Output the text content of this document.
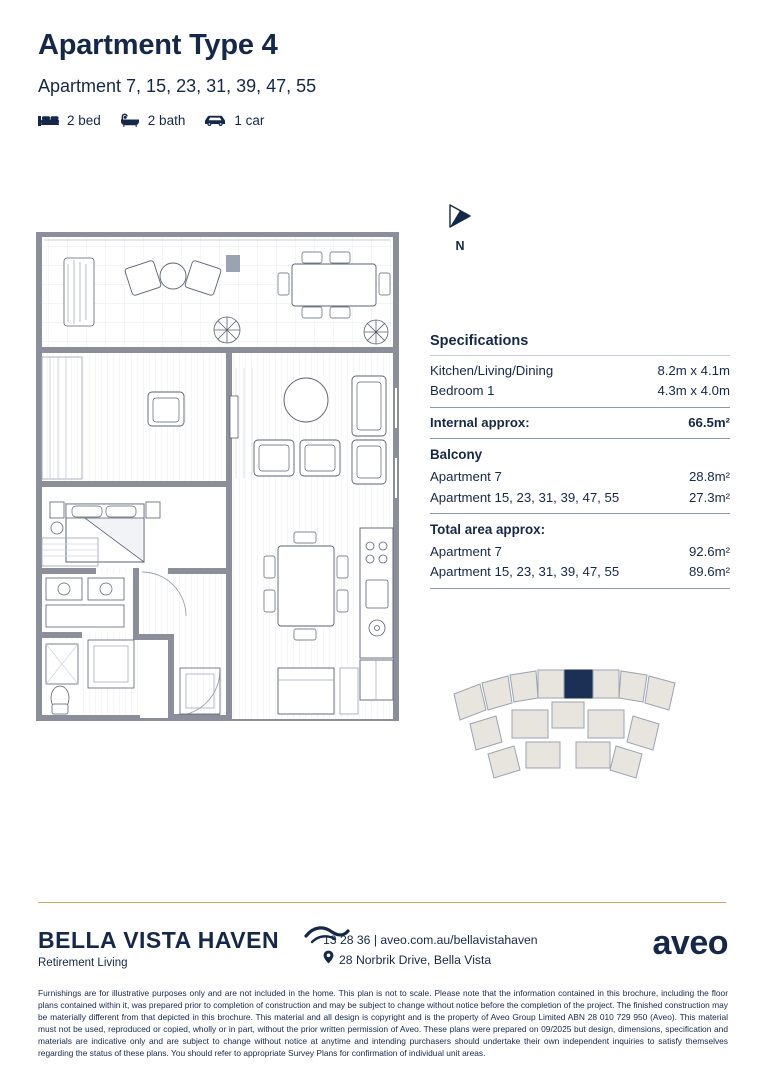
Apartment Type 4
Apartment 7, 15, 23, 31, 39, 47, 55
2 bed	2 bath	1 car
N
Specifications
Kitchen/Living/Dining	8.2m x 4.1m
Bedroom 1	4.3m x 4.0m
Internal approx:	66.5m²
Balcony
Apartment 7	28.8m²
Apartment 15, 23, 31, 39, 47, 55	27.3m²
Total area approx:
Apartment 7	92.6m²
Apartment 15, 23, 31, 39, 47, 55	89.6m²
BELLA VISTA HAVEN
Retirement Living
13 28 36 | aveo.com.au/bellavistahaven
28 Norbrik Drive, Bella Vista	aveo
Furnishings are for illustrative purposes only and are not included in the home. This plan is not to scale. Please note that the information contained in this brochure, including the floor plans contained within it, was prepared prior to completion of construction and may be subject to change without notice before the completion of the project. The finished construction may be materially different from that depicted in this brochure. This material and all design is copyright and is the property of Aveo Group Limited ABN 28 010 729 950 (Aveo). This material must not be used, reproduced or copied, wholly or in part, without the prior written permission of Aveo. These plans were prepared on 09/2025 but design, dimensions, specification and materials are indicative only and are subject to change without notice at anytime and intending purchasers should undertake their own independent inquiries to satisfy themselves regarding the status of these plans. You should refer to appropriate Survey Plans for confirmation of individual unit areas.
